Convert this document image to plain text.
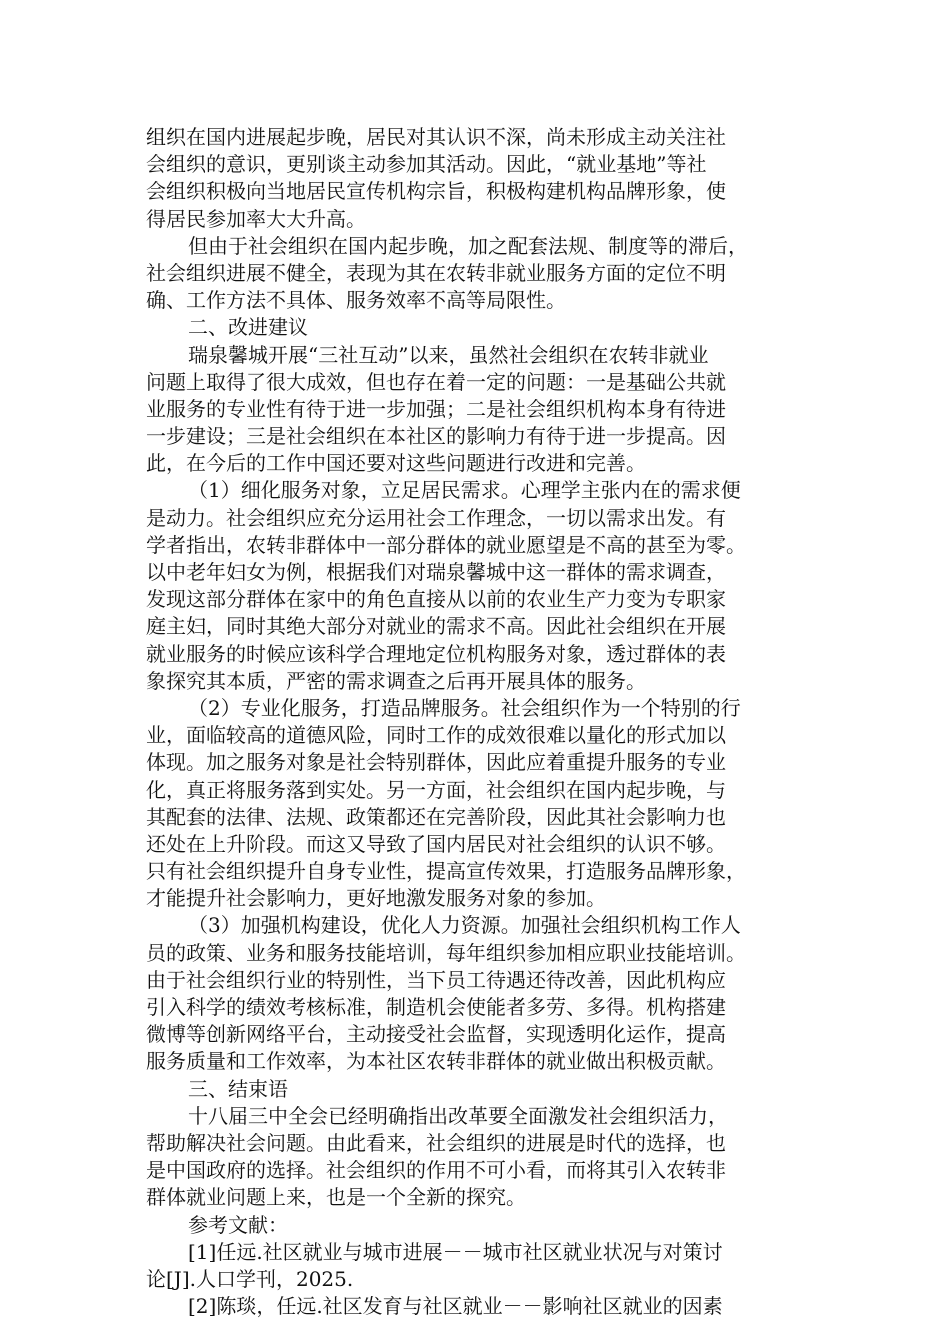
组织在国内进展起步晚，居民对其认识不深，尚未形成主动关注社
会组织的意识，更别谈主动参加其活动。因此，“就业基地”等社
会组织积极向当地居民宣传机构宗旨，积极构建机构品牌形象，使
得居民参加率大大升高。
但由于社会组织在国内起步晚，加之配套法规、制度等的滞后，
社会组织进展不健全，表现为其在农转非就业服务方面的定位不明
确、工作方法不具体、服务效率不高等局限性。
二、改进建议
瑞泉馨城开展“三社互动”以来，虽然社会组织在农转非就业
问题上取得了很大成效，但也存在着一定的问题：一是基础公共就
业服务的专业性有待于进一步加强；二是社会组织机构本身有待进
一步建设；三是社会组织在本社区的影响力有待于进一步提高。因
此，在今后的工作中国还要对这些问题进行改进和完善。
（1）细化服务对象，立足居民需求。心理学主张内在的需求便
是动力。社会组织应充分运用社会工作理念，一切以需求出发。有
学者指出，农转非群体中一部分群体的就业愿望是不高的甚至为零。
以中老年妇女为例，根据我们对瑞泉馨城中这一群体的需求调查，
发现这部分群体在家中的角色直接从以前的农业生产力变为专职家
庭主妇，同时其绝大部分对就业的需求不高。因此社会组织在开展
就业服务的时候应该科学合理地定位机构服务对象，透过群体的表
象探究其本质，严密的需求调查之后再开展具体的服务。
（2）专业化服务，打造品牌服务。社会组织作为一个特别的行
业，面临较高的道德风险，同时工作的成效很难以量化的形式加以
体现。加之服务对象是社会特别群体，因此应着重提升服务的专业
化，真正将服务落到实处。另一方面，社会组织在国内起步晚，与
其配套的法律、法规、政策都还在完善阶段，因此其社会影响力也
还处在上升阶段。而这又导致了国内居民对社会组织的认识不够。
只有社会组织提升自身专业性，提高宣传效果，打造服务品牌形象，
才能提升社会影响力，更好地激发服务对象的参加。
（3）加强机构建设，优化人力资源。加强社会组织机构工作人
员的政策、业务和服务技能培训，每年组织参加相应职业技能培训。
由于社会组织行业的特别性，当下员工待遇还待改善，因此机构应
引入科学的绩效考核标准，制造机会使能者多劳、多得。机构搭建
微博等创新网络平台，主动接受社会监督，实现透明化运作，提高
服务质量和工作效率，为本社区农转非群体的就业做出积极贡献。
三、结束语
十八届三中全会已经明确指出改革要全面激发社会组织活力，
帮助解决社会问题。由此看来，社会组织的进展是时代的选择，也
是中国政府的选择。社会组织的作用不可小看，而将其引入农转非
群体就业问题上来，也是一个全新的探究。
参考文献：
[1]任远.社区就业与城市进展－－城市社区就业状况与对策讨
论[J].人口学刊，2025.
[2]陈琰，任远.社区发育与社区就业－－影响社区就业的因素
